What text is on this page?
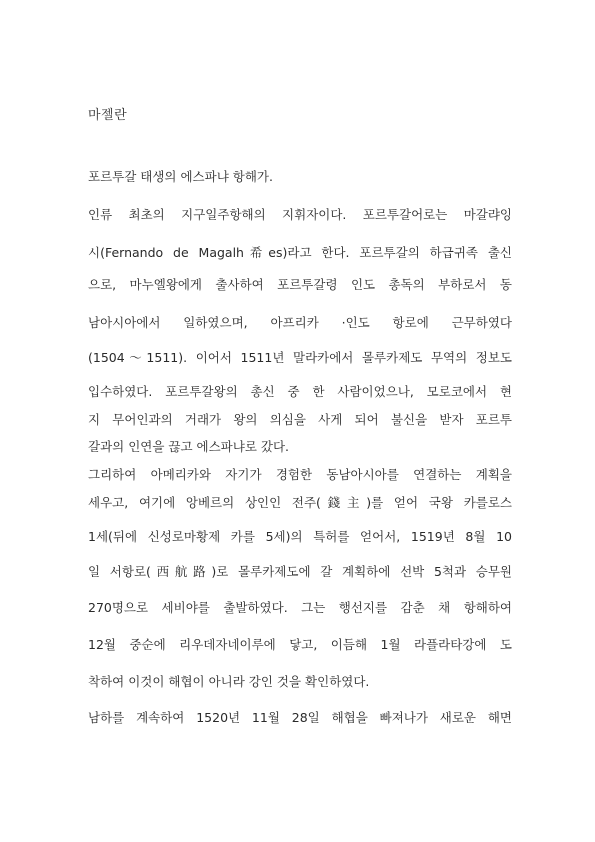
마젤란
포르투갈 태생의 에스파냐 항해가.
인류 최초의 지구일주항해의 지휘자이다. 포르투갈어로는 마갈랴잉
시(Fernando de Magalh希es)라고 한다. 포르투갈의 하급귀족 출신
으로, 마누엘왕에게 출사하여 포르투갈령 인도 총독의 부하로서 동
남아시아에서 일하였으며, 아프리카 ·인도 항로에 근무하였다
(1504～1511). 이어서 1511년 말라카에서 몰루카제도 무역의 정보도
입수하였다. 포르투갈왕의 총신 중 한 사람이었으나, 모로코에서 현
지 무어인과의 거래가 왕의 의심을 사게 되어 불신을 받자 포르투
갈과의 인연을 끊고 에스파냐로 갔다.
그리하여 아메리카와 자기가 경험한 동남아시아를 연결하는 계획을
세우고, 여기에 앙베르의 상인인 전주(錢主)를 얻어 국왕 카를로스
1세(뒤에 신성로마황제 카를 5세)의 특허를 얻어서, 1519년 8월 10
일 서항로(西航路)로 몰루카제도에 갈 계획하에 선박 5척과 승무원
270명으로 세비야를 출발하였다. 그는 행선지를 감춘 채 항해하여
12월 중순에 리우데자네이루에 닿고, 이듬해 1월 라플라타강에 도
착하여 이것이 해협이 아니라 강인 것을 확인하였다.
남하를 계속하여 1520년 11월 28일 해협을 빠져나가 새로운 해면
